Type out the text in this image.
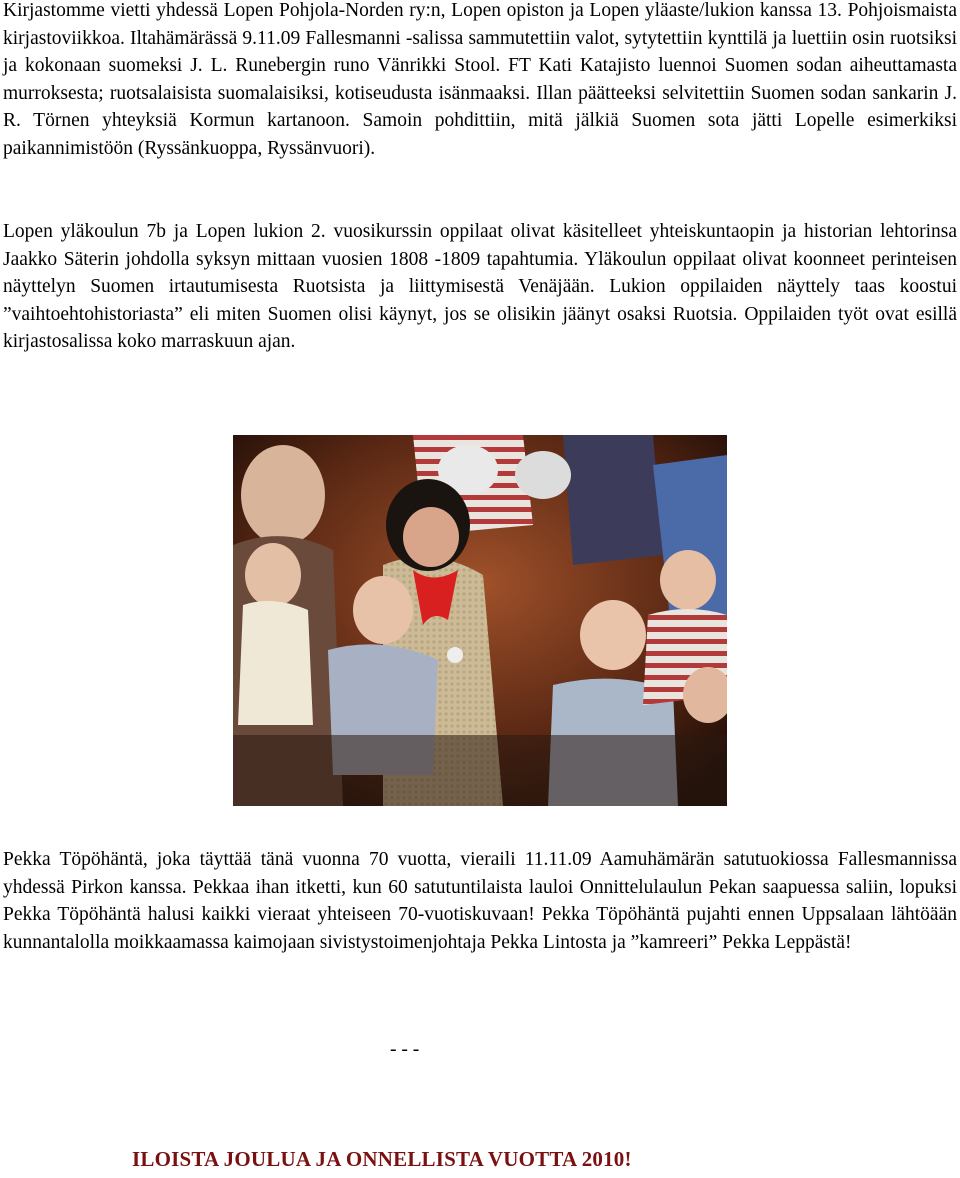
Kirjastomme vietti yhdessä Lopen Pohjola-Norden ry:n, Lopen opiston ja Lopen yläaste/lukion kanssa 13. Pohjoismaista kirjastoviikkoa. Iltahämärässä 9.11.09 Fallesmanni -salissa sammutettiin valot, sytytettiin kynttilä ja luettiin osin ruotsiksi ja kokonaan suomeksi J. L. Runebergin runo Vänrikki Stool. FT Kati Katajisto luennoi Suomen sodan aiheuttamasta murroksesta; ruotsalaisista suomalaisiksi, kotiseudusta isänmaaksi. Illan päätteeksi selvitettiin Suomen sodan sankarin J. R. Törnen yhteyksiä Kormun kartanoon. Samoin pohdittiin, mitä jälkiä Suomen sota jätti Lopelle esimerkiksi paikannimistöön (Ryssänkuoppa, Ryssänvuori).

Lopen yläkoulun 7b ja Lopen lukion 2. vuosikurssin oppilaat olivat käsitelleet yhteiskuntaopin ja historian lehtorinsa Jaakko Säterin johdolla syksyn mittaan vuosien 1808 -1809 tapahtumia. Yläkoulun oppilaat olivat koonneet perinteisen näyttelyn Suomen irtautumisesta Ruotsista ja liittymisestä Venäjään. Lukion oppilaiden näyttely taas koostui ”vaihtoehtohistoriasta” eli miten Suomen olisi käynyt, jos se olisikin jäänyt osaksi Ruotsia. Oppilaiden työt ovat esillä kirjastosalissa koko marraskuun ajan.

Pekka Töpöhäntä, joka täyttää tänä vuonna 70 vuotta, vieraili 11.11.09 Aamuhämärän satutuokiossa Fallesmannissa yhdessä Pirkon kanssa. Pekkaa ihan itketti, kun 60 satutuntilaista lauloi Onnittelulaulun Pekan saapuessa saliin, lopuksi Pekka Töpöhäntä halusi kaikki vieraat yhteiseen 70-vuotiskuvaan! Pekka Töpöhäntä pujahti ennen Uppsalaan lähtöään kunnantalolla moikkaamassa kaimojaan sivistystoimenjohtaja Pekka Lintosta ja ”kamreeri” Pekka Leppästä!

- - -

ILOISTA JOULUA JA ONNELLISTA VUOTTA 2010!
